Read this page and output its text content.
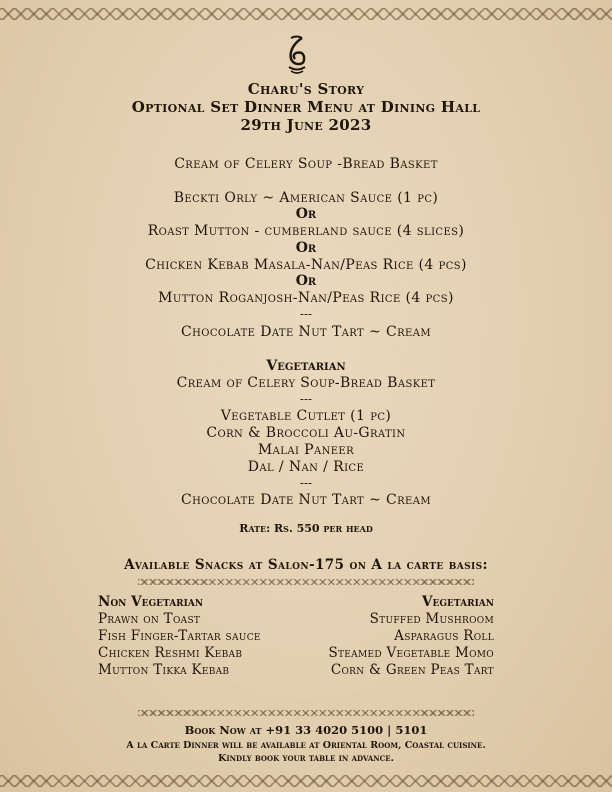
Charu's Story
Optional Set Dinner Menu at Dining Hall
29th June 2023
Cream of Celery Soup -Bread Basket
Beckti Orly ~ American Sauce (1 pc)
Or
Roast Mutton - cumberland sauce (4 slices)
Or
Chicken Kebab Masala-Nan/Peas Rice (4 pcs)
Or
Mutton Roganjosh-Nan/Peas Rice (4 pcs)
---
Chocolate Date Nut Tart ~ Cream
Vegetarian
Cream of Celery Soup-Bread Basket
---
Vegetable Cutlet (1 pc)
Corn & Broccoli Au-Gratin
Malai Paneer
Dal / Nan / Rice
---
Chocolate Date Nut Tart ~ Cream
Rate: Rs. 550 per head
Available Snacks at Salon-175 on A la carte basis:
Non Vegetarian
Prawn on Toast
Fish Finger-Tartar sauce
Chicken Reshmi Kebab
Mutton Tikka Kebab
Vegetarian
Stuffed Mushroom
Asparagus Roll
Steamed Vegetable Momo
Corn & Green Peas Tart
Book Now at +91 33 4020 5100 | 5101
A la Carte Dinner will be available at Oriental Room, Coastal cuisine.
Kindly book your table in advance.
